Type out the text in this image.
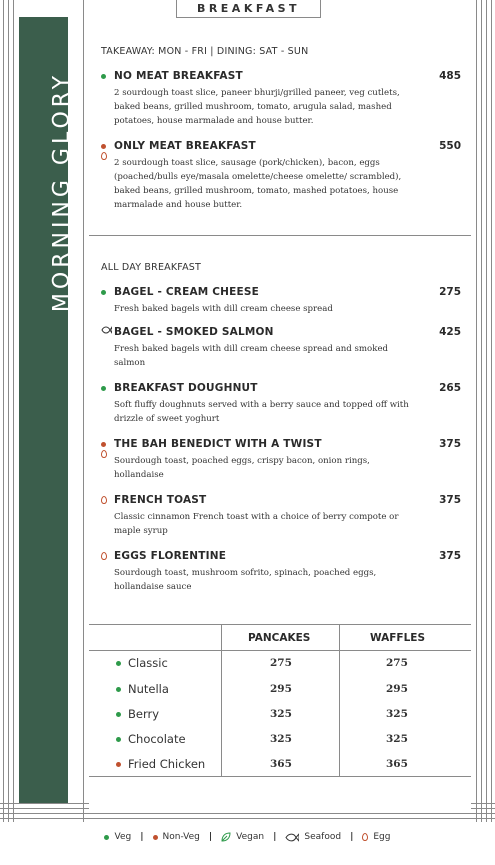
BREAKFAST
MORNING GLORY
TAKEAWAY: MON - FRI | DINING: SAT - SUN
NO MEAT BREAKFAST	485
2 sourdough toast slice, paneer bhurji/grilled paneer, veg cutlets, baked beans, grilled mushroom, tomato, arugula salad, mashed potatoes, house marmalade and house butter.

ONLY MEAT BREAKFAST	550
2 sourdough toast slice, sausage (pork/chicken), bacon, eggs (poached/bulls eye/masala omelette/cheese omelette/ scrambled), baked beans, grilled mushroom, tomato, mashed potatoes, house marmalade and house butter.
ALL DAY BREAKFAST
BAGEL - CREAM CHEESE	275
Fresh baked bagels with dill cream cheese spread
BAGEL - SMOKED SALMON	425
Fresh baked bagels with dill cream cheese spread and smoked salmon
BREAKFAST DOUGHNUT	265
Soft fluffy doughnuts served with a berry sauce and topped off with drizzle of sweet yoghurt

THE BAH BENEDICT WITH A TWIST	375
Sourdough toast, poached eggs, crispy bacon, onion rings, hollandaise
FRENCH TOAST	375
Classic cinnamon French toast with a choice of berry compote or maple syrup
EGGS FLORENTINE	375
Sourdough toast, mushroom sofrito, spinach, poached eggs, hollandaise sauce
PANCAKES	WAFFLES
Classic	275	275
Nutella	295	295
Berry	325	325
Chocolate	325	325
Fried Chicken	365	365
Veg | Non-Veg |	Vegan |	Seafood | Egg
